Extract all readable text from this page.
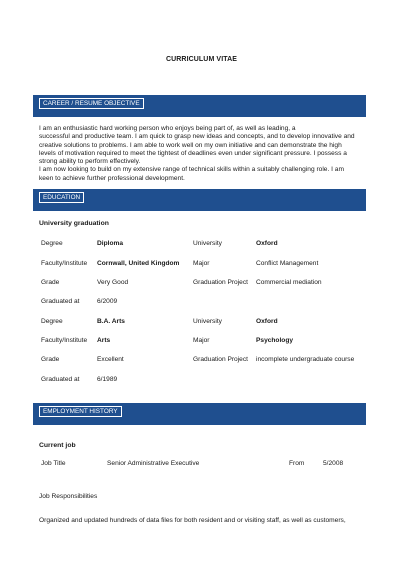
CURRICULUM VITAE
CAREER / RESUME OBJECTIVE

I am an enthusiastic hard working person who enjoys being part of, as well as leading, a

successful and productive team. I am quick to grasp new ideas and concepts, and to develop innovative and

creative solutions to problems. I am able to work well on my own initiative and can demonstrate the high

levels of motivation required to meet the tightest of deadlines even under significant pressure. I possess a

strong ability to perform effectively.

I am now looking to build on my extensive range of technical skills within a suitably challenging role. I am

keen to achieve further professional development.

EDUCATION
University graduation
Degree	Diploma	University	Oxford
Faculty/Institute Cornwall, United Kingdom Major	Conflict Management
Grade	Very Good	Graduation Project Commercial mediation
Graduated at	6/2009
Degree	B.A. Arts	University	Oxford
Faculty/Institute Arts	Major	Psychology
Grade	Excellent	Graduation Project incomplete undergraduate course
Graduated at	6/1989
EMPLOYMENT HISTORY
Current job
Job Title	Senior Administrative Executive	From	5/2008
Job Responsibilities
Organized and updated hundreds of data files for both resident and or visiting staff, as well as customers,
